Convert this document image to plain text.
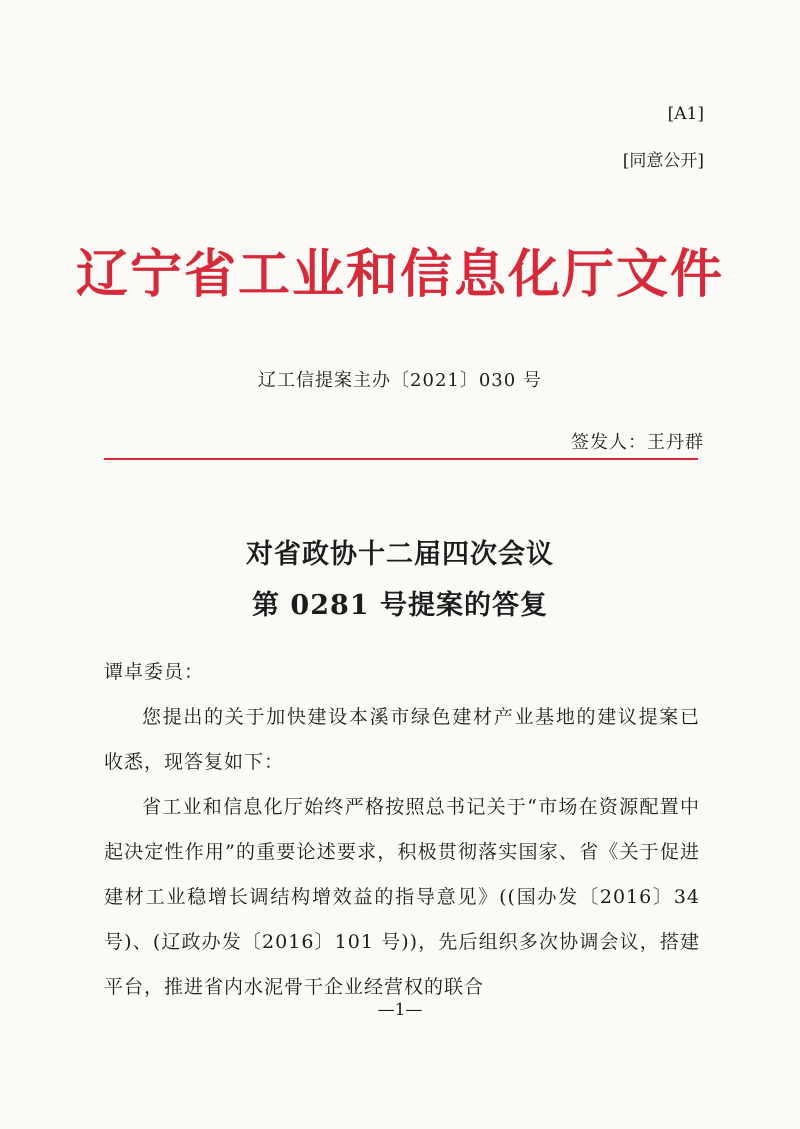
[A1]
[同意公开]
辽宁省工业和信息化厅文件
辽工信提案主办〔2021〕030 号
签发人：王丹群
对省政协十二届四次会议
第 0281 号提案的答复

谭卓委员：

您提出的关于加快建设本溪市绿色建材产业基地的建议提案已收悉，现答复如下：

省工业和信息化厅始终严格按照总书记关于“市场在资源配置中起决定性作用”的重要论述要求，积极贯彻落实国家、省《关于促进建材工业稳增长调结构增效益的指导意见》((国办发〔2016〕34 号)、(辽政办发〔2016〕101 号))，先后组织多次协调会议，搭建平台，推进省内水泥骨干企业经营权的联合

—1—
